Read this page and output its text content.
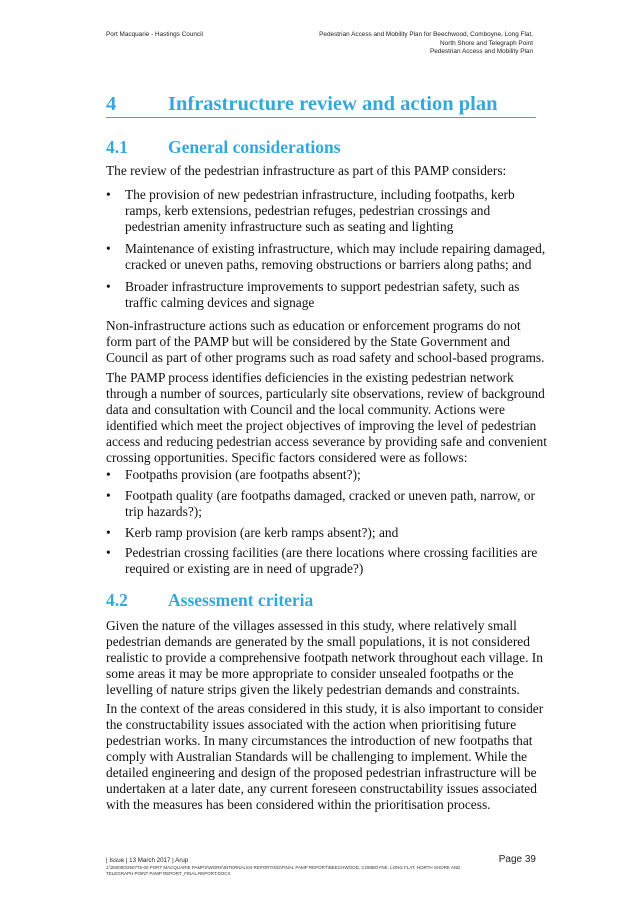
Port Macquarie - Hastings Council	Pedestrian Access and Mobility Plan for Beechwood, Comboyne, Long Flat,
North Shore and Telegraph Point
Pedestrian Access and Mobility Plan
4	Infrastructure review and action plan
4.1 General considerations
The review of the pedestrian infrastructure as part of this PAMP considers:
• The provision of new pedestrian infrastructure, including footpaths, kerb
ramps, kerb extensions, pedestrian refuges, pedestrian crossings and
pedestrian amenity infrastructure such as seating and lighting
• Maintenance of existing infrastructure, which may include repairing damaged,
cracked or uneven paths, removing obstructions or barriers along paths; and
• Broader infrastructure improvements to support pedestrian safety, such as
traffic calming devices and signage
Non-infrastructure actions such as education or enforcement programs do not
form part of the PAMP but will be considered by the State Government and
Council as part of other programs such as road safety and school-based programs.
The PAMP process identifies deficiencies in the existing pedestrian network
through a number of sources, particularly site observations, review of background
data and consultation with Council and the local community. Actions were
identified which meet the project objectives of improving the level of pedestrian
access and reducing pedestrian access severance by providing safe and convenient
crossing opportunities. Specific factors considered were as follows:
• Footpaths provision (are footpaths absent?);
• Footpath quality (are footpaths damaged, cracked or uneven path, narrow, or
trip hazards?);
• Kerb ramp provision (are kerb ramps absent?); and
• Pedestrian crossing facilities (are there locations where crossing facilities are
required or existing are in need of upgrade?)
4.2 Assessment criteria
Given the nature of the villages assessed in this study, where relatively small
pedestrian demands are generated by the small populations, it is not considered
realistic to provide a comprehensive footpath network throughout each village. In
some areas it may be more appropriate to consider unsealed footpaths or the
levelling of nature strips given the likely pedestrian demands and constraints.
In the context of the areas considered in this study, it is also important to consider
the constructability issues associated with the action when prioritising future
pedestrian works. In many circumstances the introduction of new footpaths that
comply with Australian Standards will be challenging to implement. While the
detailed engineering and design of the proposed pedestrian infrastructure will be
undertaken at a later date, any current foreseen constructability issues associated
with the measures has been considered within the prioritisation process.
| Issue | 13 March 2017 | Arup
J:\250000\250775-00 PORT MACQUARIE PAMPS\WORK\INTERNAL\04 REPORTING\FINAL PAMP REPORT\BEECHWOOD, COMBOYNE, LONG FLAT, NORTH SHORE AND
TELEGRAPH POINT PAMP REPORT_FINAL REPORT.DOCX
Page 39
